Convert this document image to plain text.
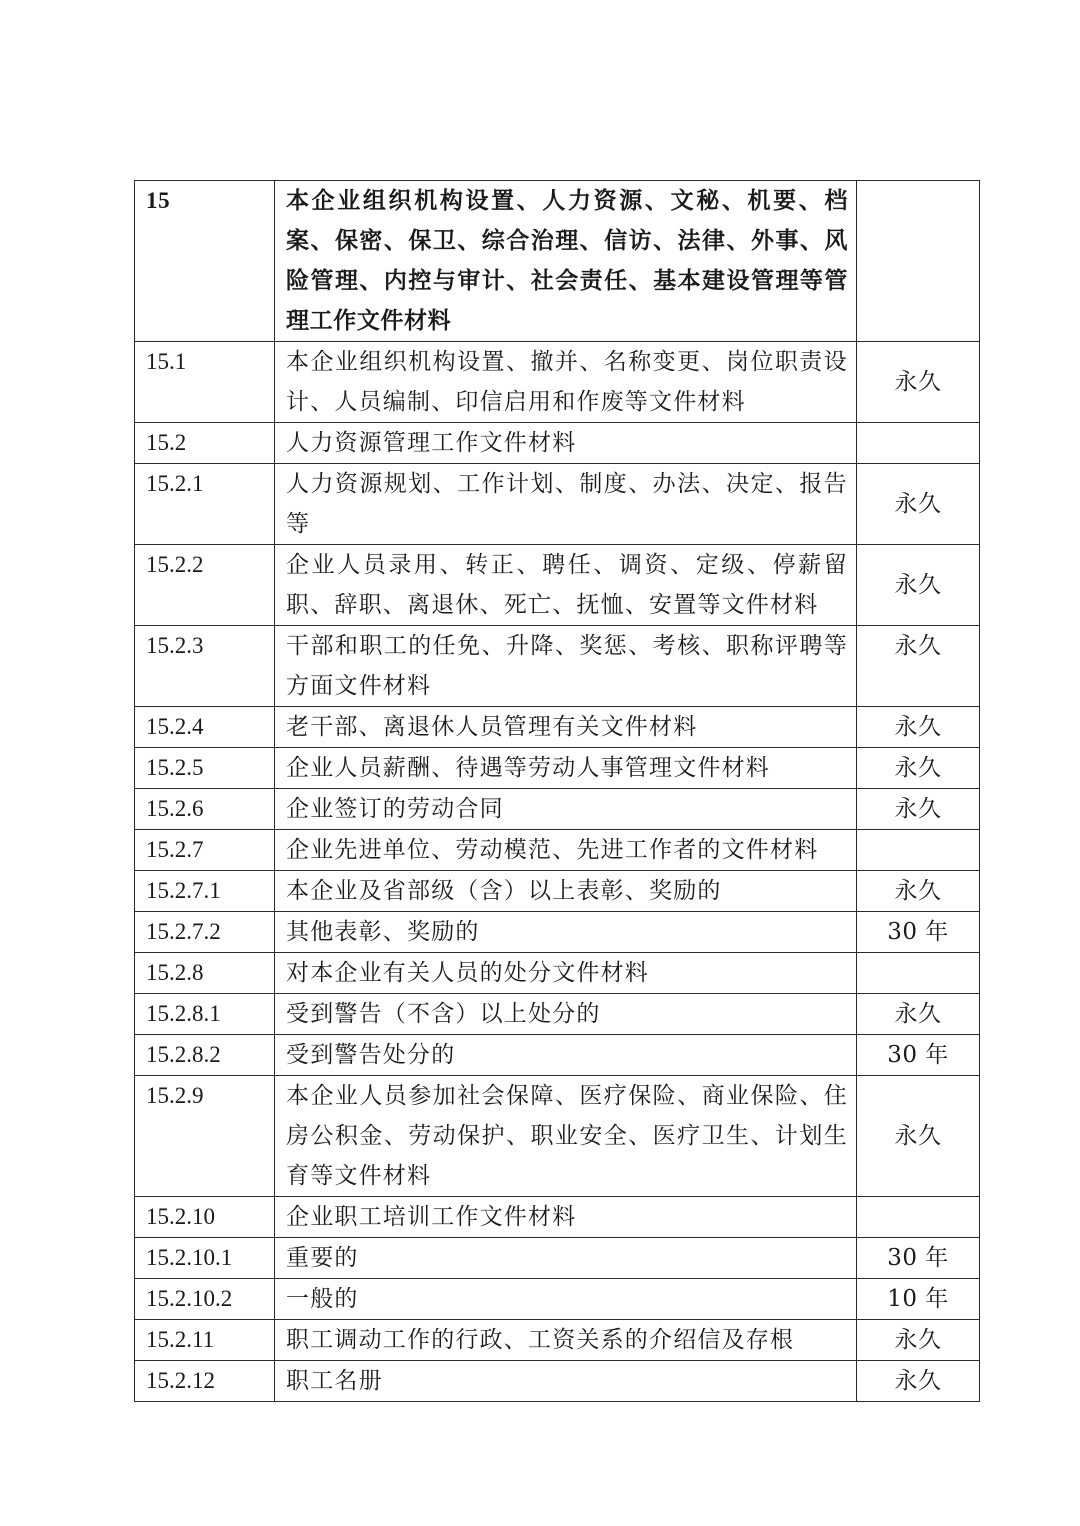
15	本企业组织机构设置、人力资源、文秘、机要、档案、保密、保卫、综合治理、信访、法律、外事、风险管理、内控与审计、社会责任、基本建设管理等管理工作文件材料	
15.1	本企业组织机构设置、撤并、名称变更、岗位职责设计、人员编制、印信启用和作废等文件材料	永久
15.2	人力资源管理工作文件材料	
15.2.1	人力资源规划、工作计划、制度、办法、决定、报告等	永久
15.2.2	企业人员录用、转正、聘任、调资、定级、停薪留职、辞职、离退休、死亡、抚恤、安置等文件材料	永久
15.2.3	干部和职工的任免、升降、奖惩、考核、职称评聘等方面文件材料	永久
15.2.4	老干部、离退休人员管理有关文件材料	永久
15.2.5	企业人员薪酬、待遇等劳动人事管理文件材料	永久
15.2.6	企业签订的劳动合同	永久
15.2.7	企业先进单位、劳动模范、先进工作者的文件材料	
15.2.7.1	本企业及省部级（含）以上表彰、奖励的	永久
15.2.7.2	其他表彰、奖励的	30 年
15.2.8	对本企业有关人员的处分文件材料	
15.2.8.1	受到警告（不含）以上处分的	永久
15.2.8.2	受到警告处分的	30 年
15.2.9	本企业人员参加社会保障、医疗保险、商业保险、住房公积金、劳动保护、职业安全、医疗卫生、计划生育等文件材料	永久
15.2.10	企业职工培训工作文件材料	
15.2.10.1	重要的	30 年
15.2.10.2	一般的	10 年
15.2.11	职工调动工作的行政、工资关系的介绍信及存根	永久
15.2.12	职工名册	永久
